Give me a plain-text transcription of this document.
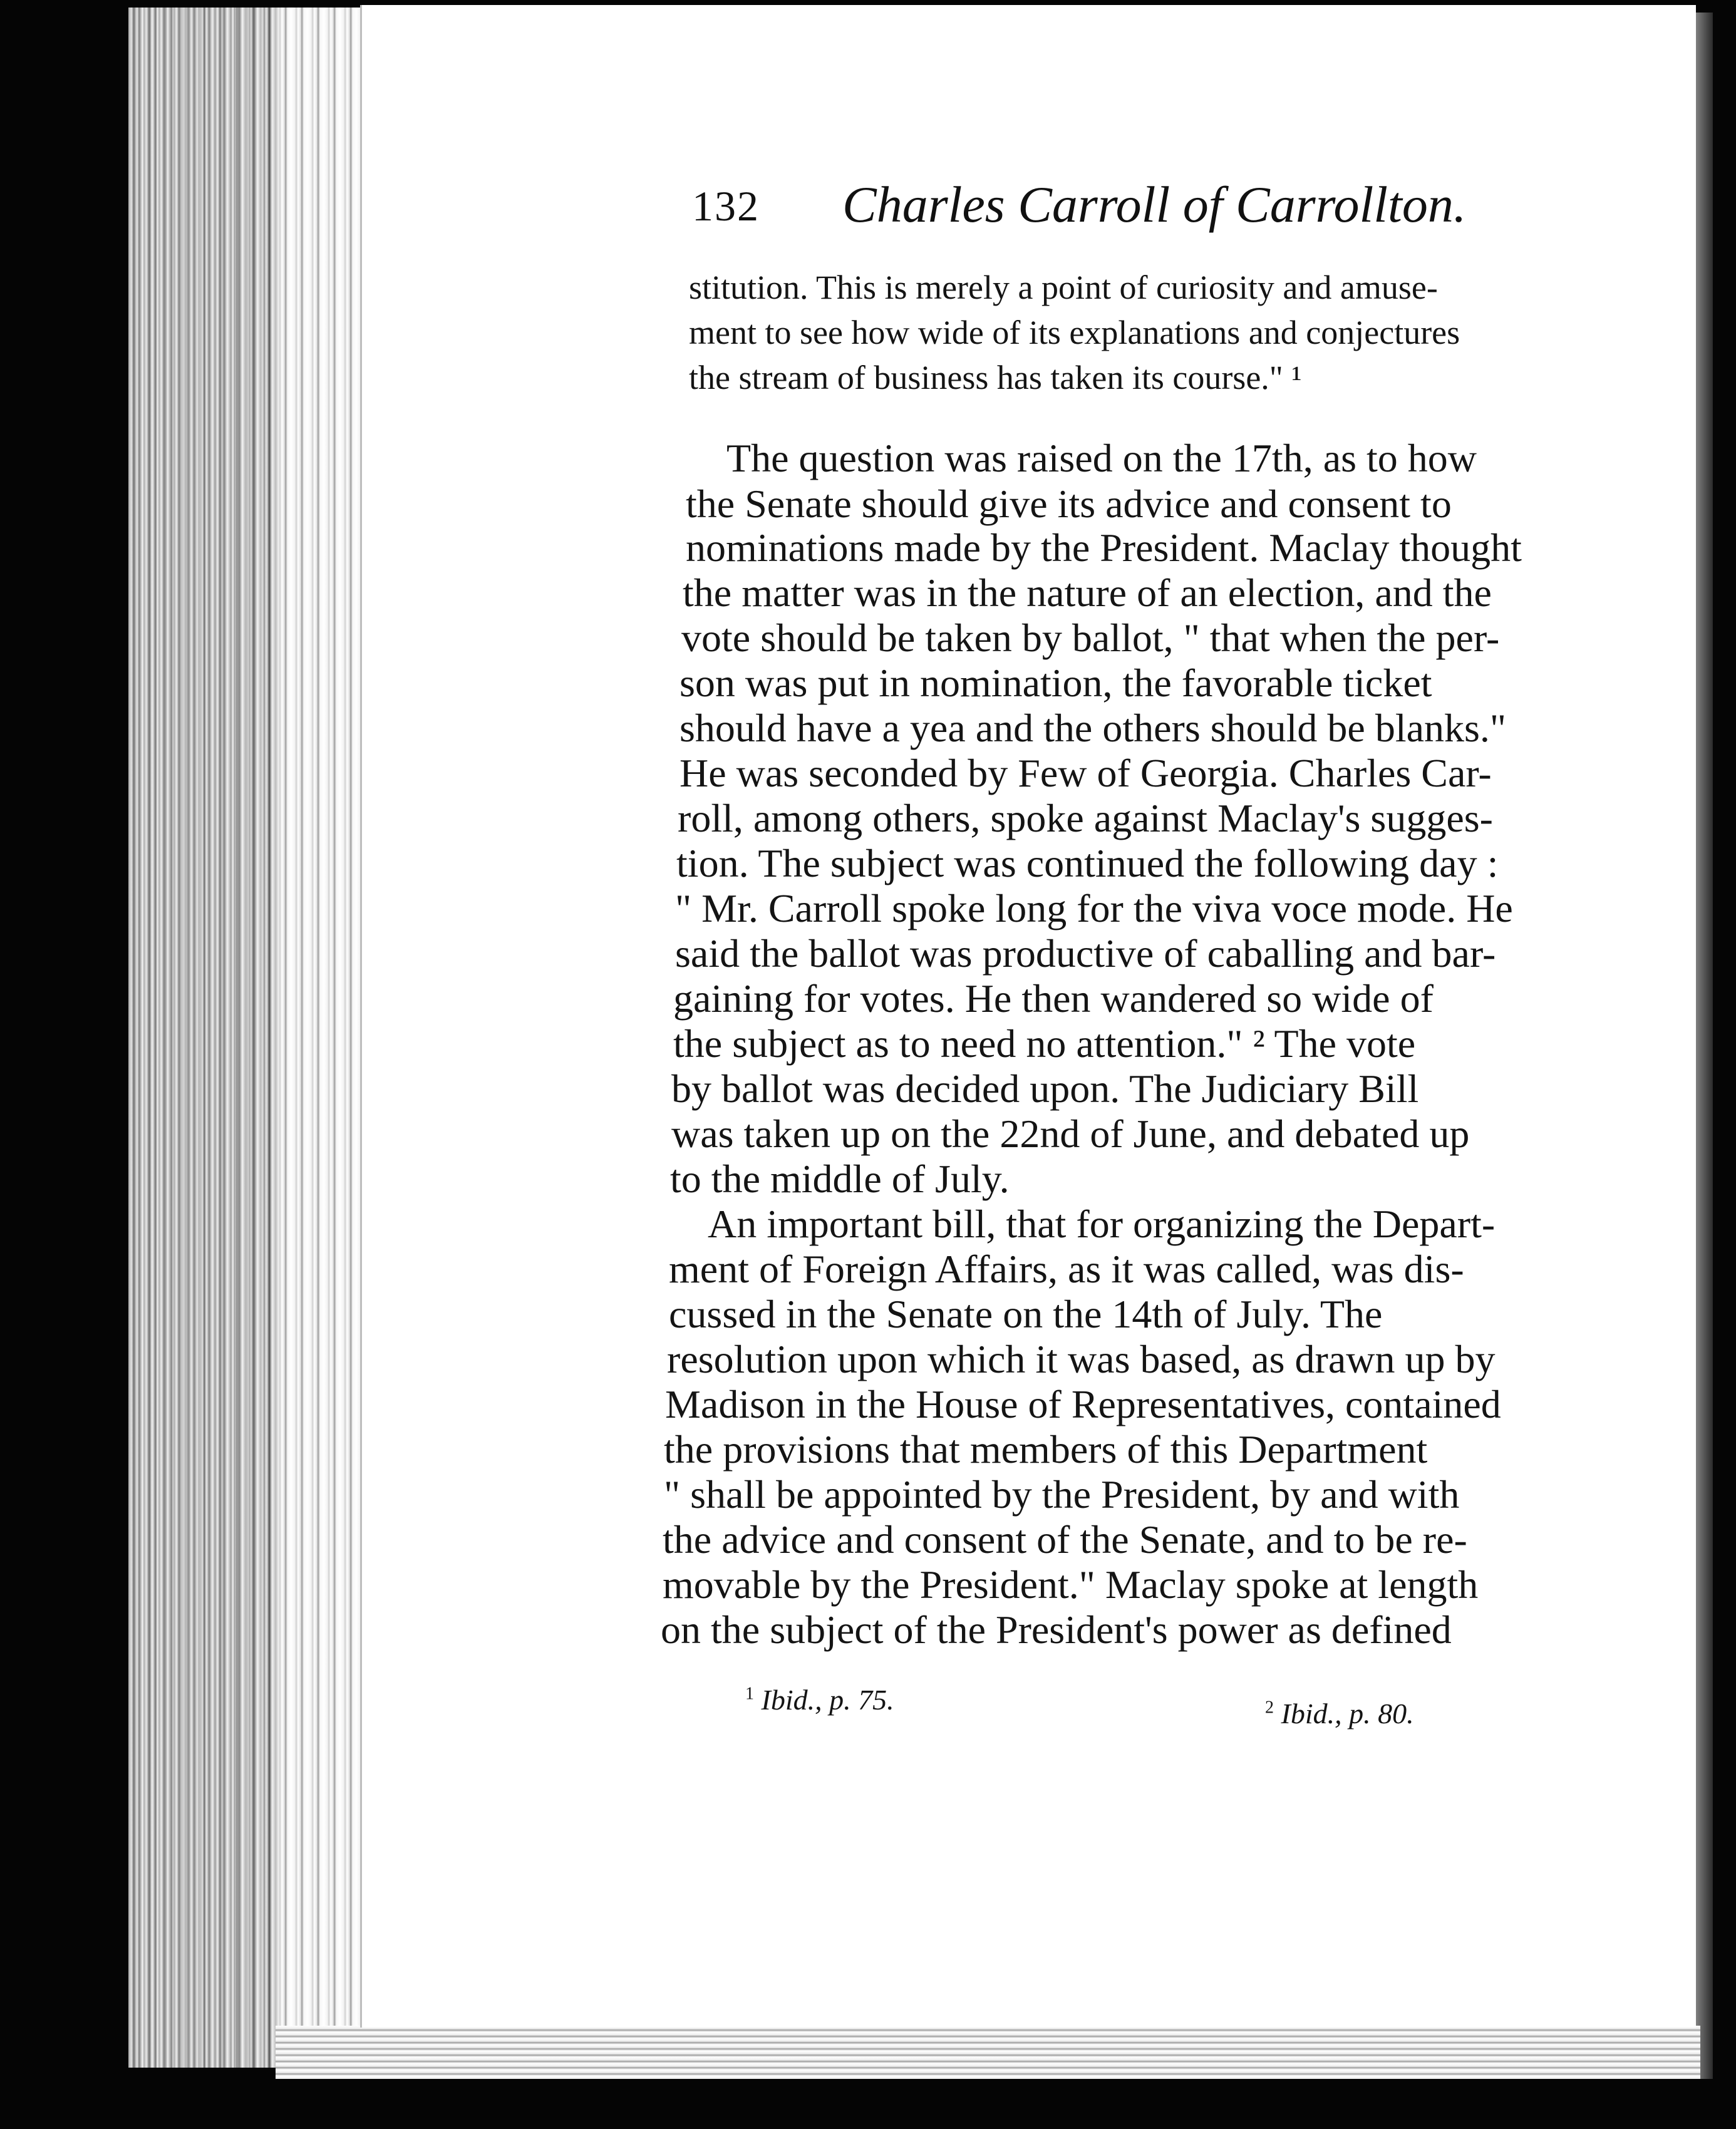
132 Charles Carroll of Carrollton.
stitution. This is merely a point of curiosity and amuse-
ment to see how wide of its explanations and conjectures
the stream of business has taken its course." ¹
The question was raised on the 17th, as to how
the Senate should give its advice and consent to
nominations made by the President. Maclay thought
the matter was in the nature of an election, and the
vote should be taken by ballot, " that when the per-
son was put in nomination, the favorable ticket
should have a yea and the others should be blanks."
He was seconded by Few of Georgia. Charles Car-
roll, among others, spoke against Maclay's sugges-
tion. The subject was continued the following day :
" Mr. Carroll spoke long for the viva voce mode. He
said the ballot was productive of caballing and bar-
gaining for votes. He then wandered so wide of
the subject as to need no attention." ² The vote
by ballot was decided upon. The Judiciary Bill
was taken up on the 22nd of June, and debated up
to the middle of July.
An important bill, that for organizing the Depart-
ment of Foreign Affairs, as it was called, was dis-
cussed in the Senate on the 14th of July. The
resolution upon which it was based, as drawn up by
Madison in the House of Representatives, contained
the provisions that members of this Department
" shall be appointed by the President, by and with
the advice and consent of the Senate, and to be re-
movable by the President." Maclay spoke at length
on the subject of the President's power as defined
$^1$ Ibid., p. 75.	$^2$ Ibid., p. 80.
